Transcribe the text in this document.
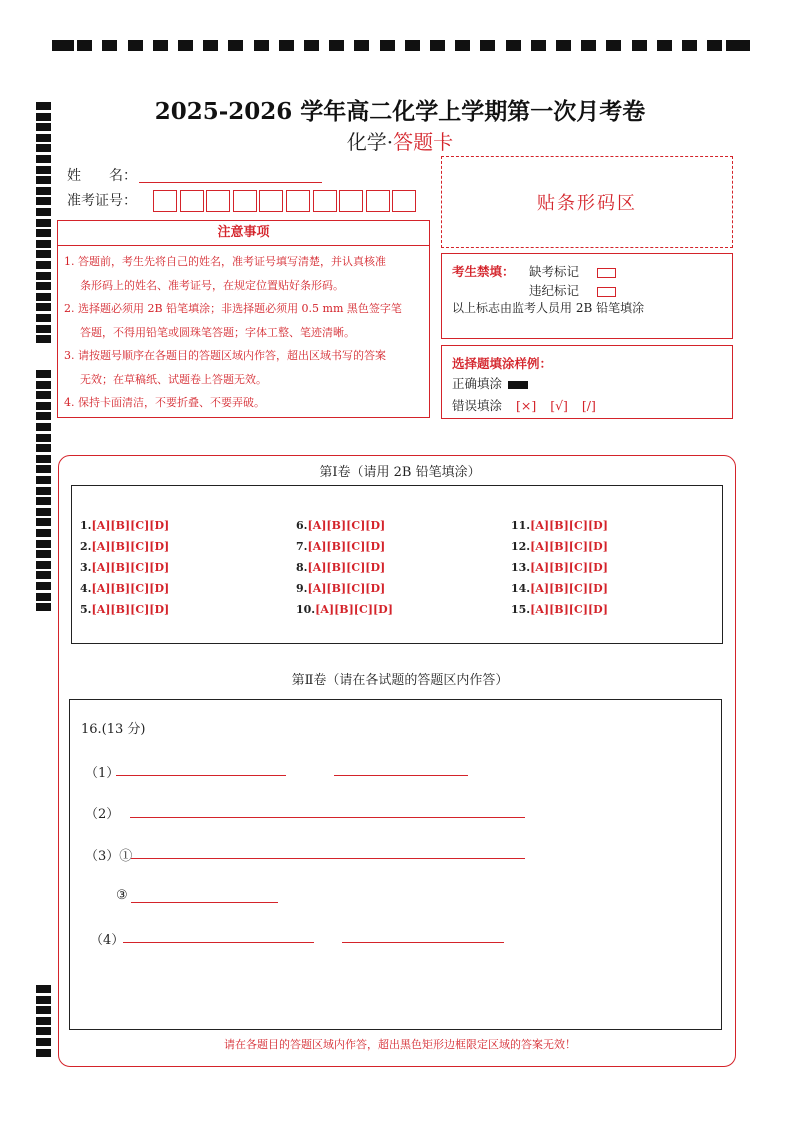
2025-2026 学年高二化学上学期第一次月考卷
化学·答题卡
姓　　名：
准考证号：	贴条形码区
注意事项

1. 答题前，考生先将自己的姓名，准考证号填写清楚，并认真核准

条形码上的姓名、准考证号，在规定位置贴好条形码。

2. 选择题必须用 2B 铅笔填涂；非选择题必须用 0.5 mm 黑色签字笔

答题，不得用铅笔或圆珠笔答题；字体工整、笔迹清晰。

3. 请按题号顺序在各题目的答题区域内作答，超出区域书写的答案

无效；在草稿纸、试题卷上答题无效。

4. 保持卡面清洁，不要折叠、不要弄破。

考生禁填： 缺考标记
违纪标记
以上标志由监考人员用 2B 铅笔填涂
选择题填涂样例：
正确填涂
错误填涂 [×] [√] [/]
第Ⅰ卷（请用 2B 铅笔填涂）
1.[A][B][C][D]
2.[A][B][C][D]
3.[A][B][C][D]
4.[A][B][C][D]
5.[A][B][C][D]
6.[A][B][C][D]
7.[A][B][C][D]
8.[A][B][C][D]
9.[A][B][C][D]
10.[A][B][C][D]
11.[A][B][C][D]
12.[A][B][C][D]
13.[A][B][C][D]
14.[A][B][C][D]
15.[A][B][C][D]
第Ⅱ卷（请在各试题的答题区内作答）
16.(13 分)
（1）
（2）
（3）①
③
（4）
请在各题目的答题区域内作答，超出黑色矩形边框限定区域的答案无效！
